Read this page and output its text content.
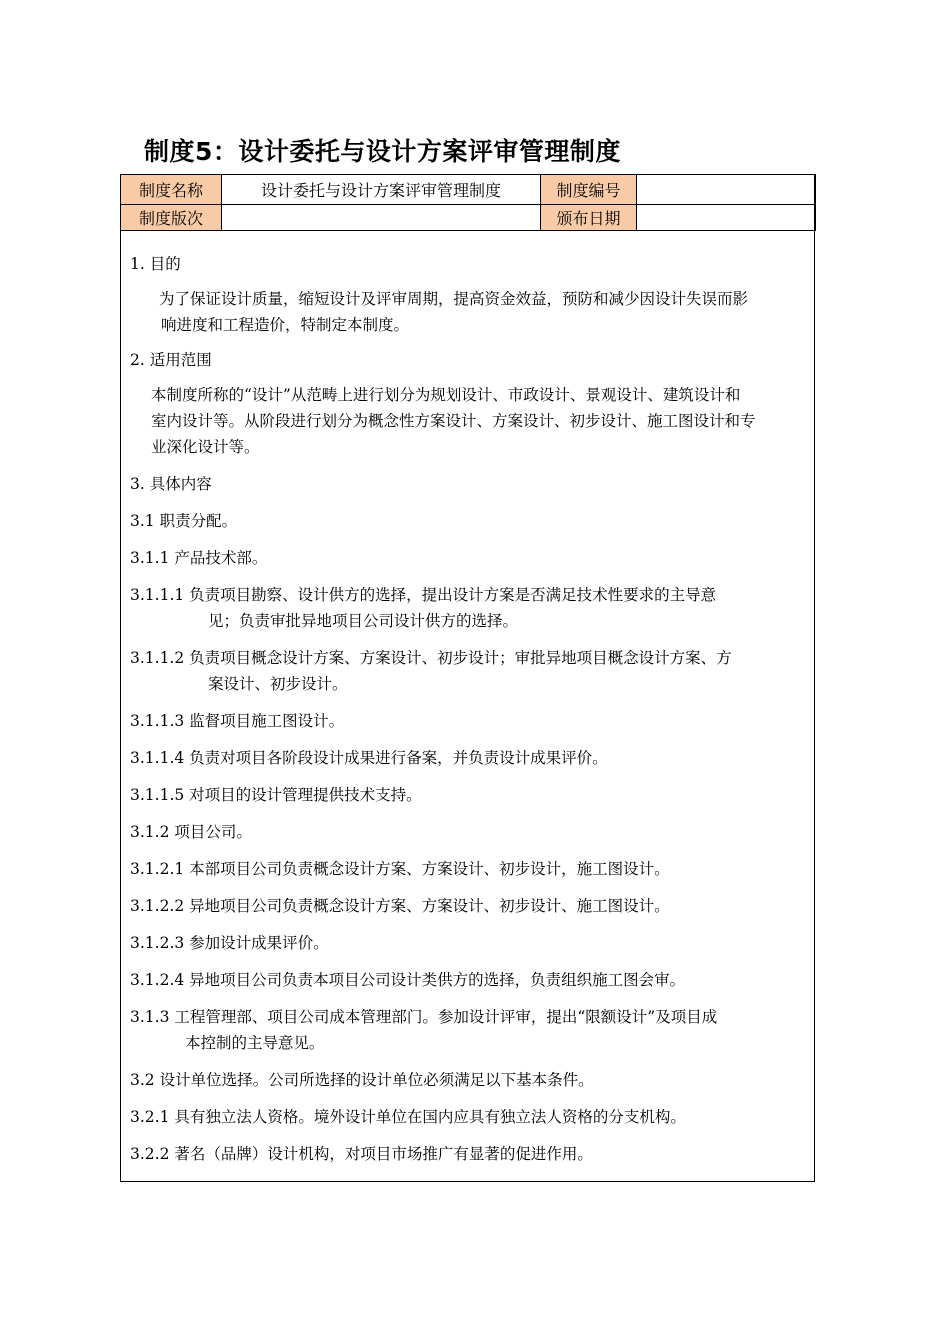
制度5：设计委托与设计方案评审管理制度
制度名称	设计委托与设计方案评审管理制度	制度编号	
制度版次		颁布日期	

1. 目的

为了保证设计质量，缩短设计及评审周期，提高资金效益，预防和减少因设计失误而影
响进度和工程造价，特制定本制度。

2. 适用范围

本制度所称的“设计”从范畴上进行划分为规划设计、市政设计、景观设计、建筑设计和
室内设计等。从阶段进行划分为概念性方案设计、方案设计、初步设计、施工图设计和专
业深化设计等。

3. 具体内容

3.1 职责分配。

3.1.1 产品技术部。

3.1.1.1 负责项目勘察、设计供方的选择，提出设计方案是否满足技术性要求的主导意
见；负责审批异地项目公司设计供方的选择。
3.1.1.2 负责项目概念设计方案、方案设计、初步设计；审批异地项目概念设计方案、方
案设计、初步设计。

3.1.1.3 监督项目施工图设计。

3.1.1.4 负责对项目各阶段设计成果进行备案，并负责设计成果评价。

3.1.1.5 对项目的设计管理提供技术支持。

3.1.2 项目公司。

3.1.2.1 本部项目公司负责概念设计方案、方案设计、初步设计，施工图设计。

3.1.2.2 异地项目公司负责概念设计方案、方案设计、初步设计、施工图设计。

3.1.2.3 参加设计成果评价。

3.1.2.4 异地项目公司负责本项目公司设计类供方的选择，负责组织施工图会审。

3.1.3 工程管理部、项目公司成本管理部门。参加设计评审，提出“限额设计”及项目成
本控制的主导意见。

3.2 设计单位选择。公司所选择的设计单位必须满足以下基本条件。

3.2.1 具有独立法人资格。境外设计单位在国内应具有独立法人资格的分支机构。

3.2.2 著名（品牌）设计机构，对项目市场推广有显著的促进作用。
